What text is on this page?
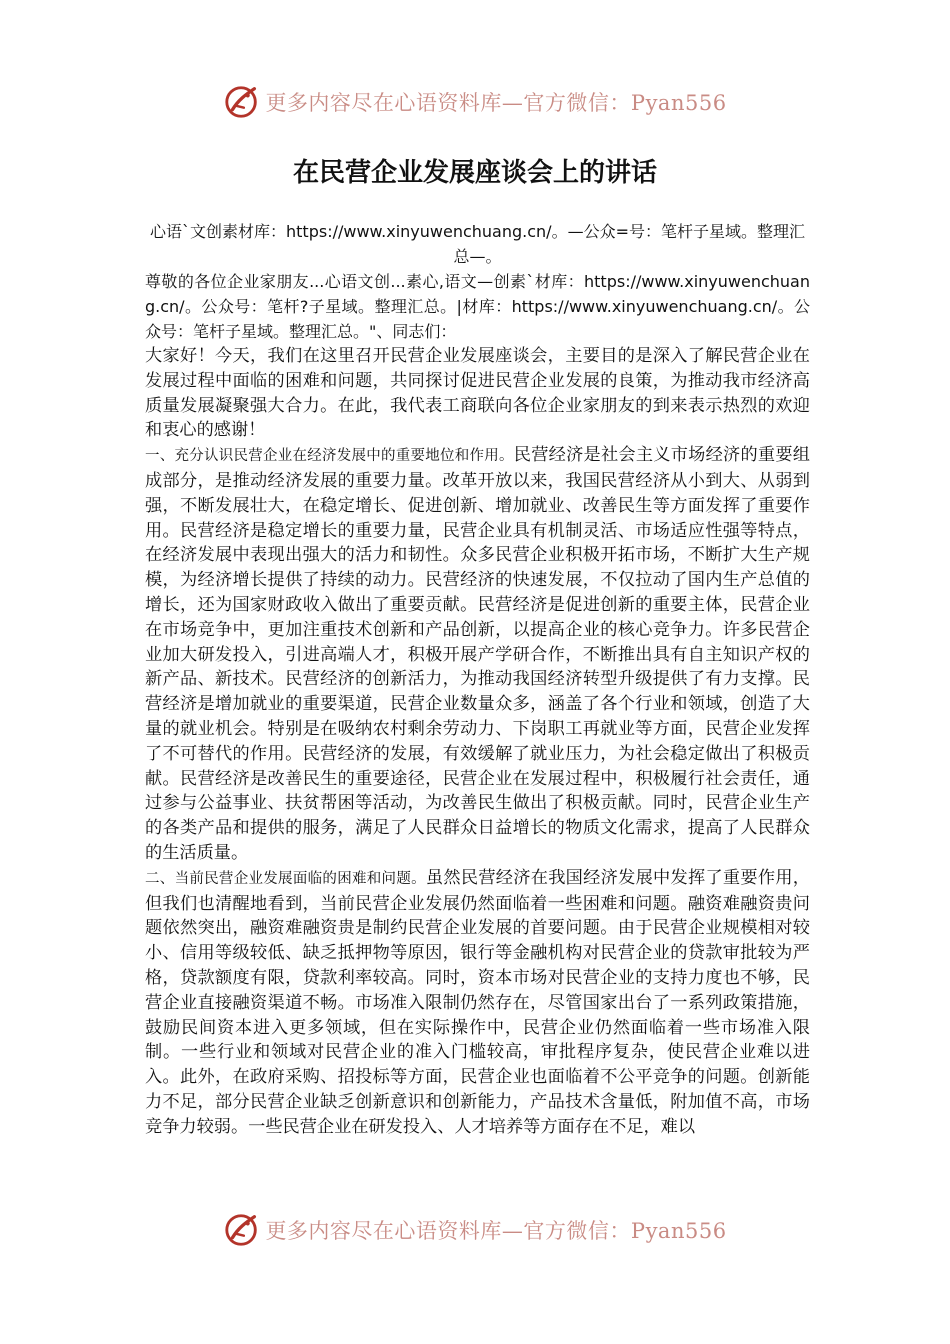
更多内容尽在心语资料库—官方微信：Pyan556
在民营企业发展座谈会上的讲话
心语`文创素材库：https://www.xinyuwenchuang.cn/。—公众=号：笔杆子星域。整理汇总—。
尊敬的各位企业家朋友...心语文创...素心,语文—创素`材库：https://www.xinyuwenchuang.cn/。公众号：笔杆?子星域。整理汇总。|材库：https://www.xinyuwenchuang.cn/。公众号：笔杆子星域。整理汇总。"、同志们：

大家好！今天，我们在这里召开民营企业发展座谈会，主要目的是深入了解民营企业在发展过程中面临的困难和问题，共同探讨促进民营企业发展的良策，为推动我市经济高质量发展凝聚强大合力。在此，我代表工商联向各位企业家朋友的到来表示热烈的欢迎和衷心的感谢！

一、充分认识民营企业在经济发展中的重要地位和作用。民营经济是社会主义市场经济的重要组成部分，是推动经济发展的重要力量。改革开放以来，我国民营经济从小到大、从弱到强，不断发展壮大，在稳定增长、促进创新、增加就业、改善民生等方面发挥了重要作用。民营经济是稳定增长的重要力量，民营企业具有机制灵活、市场适应性强等特点，在经济发展中表现出强大的活力和韧性。众多民营企业积极开拓市场，不断扩大生产规模，为经济增长提供了持续的动力。民营经济的快速发展，不仅拉动了国内生产总值的增长，还为国家财政收入做出了重要贡献。民营经济是促进创新的重要主体，民营企业在市场竞争中，更加注重技术创新和产品创新，以提高企业的核心竞争力。许多民营企业加大研发投入，引进高端人才，积极开展产学研合作，不断推出具有自主知识产权的新产品、新技术。民营经济的创新活力，为推动我国经济转型升级提供了有力支撑。民营经济是增加就业的重要渠道，民营企业数量众多，涵盖了各个行业和领域，创造了大量的就业机会。特别是在吸纳农村剩余劳动力、下岗职工再就业等方面，民营企业发挥了不可替代的作用。民营经济的发展，有效缓解了就业压力，为社会稳定做出了积极贡献。民营经济是改善民生的重要途径，民营企业在发展过程中，积极履行社会责任，通过参与公益事业、扶贫帮困等活动，为改善民生做出了积极贡献。同时，民营企业生产的各类产品和提供的服务，满足了人民群众日益增长的物质文化需求，提高了人民群众的生活质量。

二、当前民营企业发展面临的困难和问题。虽然民营经济在我国经济发展中发挥了重要作用，但我们也清醒地看到，当前民营企业发展仍然面临着一些困难和问题。融资难融资贵问题依然突出，融资难融资贵是制约民营企业发展的首要问题。由于民营企业规模相对较小、信用等级较低、缺乏抵押物等原因，银行等金融机构对民营企业的贷款审批较为严格，贷款额度有限，贷款利率较高。同时，资本市场对民营企业的支持力度也不够，民营企业直接融资渠道不畅。市场准入限制仍然存在，尽管国家出台了一系列政策措施，鼓励民间资本进入更多领域，但在实际操作中，民营企业仍然面临着一些市场准入限制。一些行业和领域对民营企业的准入门槛较高，审批程序复杂，使民营企业难以进入。此外，在政府采购、招投标等方面，民营企业也面临着不公平竞争的问题。创新能力不足，部分民营企业缺乏创新意识和创新能力，产品技术含量低，附加值不高，市场竞争力较弱。一些民营企业在研发投入、人才培养等方面存在不足，难以

更多内容尽在心语资料库—官方微信：Pyan556
